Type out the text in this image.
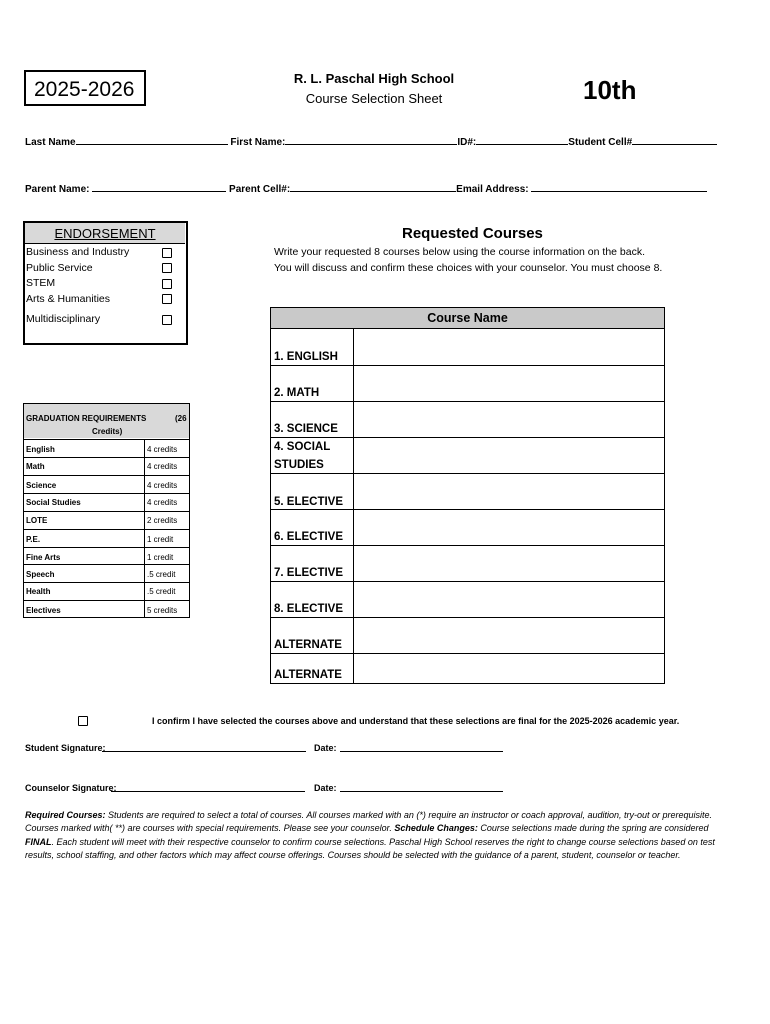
2025-2026	R. L. Paschal High School
Course Selection Sheet	10th
Last Name	First Name:	ID#:	Student Cell#
Parent Name:	Parent Cell#:	Email Address:
ENDORSEMENT
Business and Industry
Public Service
STEM
Arts & Humanities
Multidisciplinary
Requested Courses
Write your requested 8 courses below using the course information on the back.
You will discuss and confirm these choices with your counselor. You must choose 8.
Course Name
1. ENGLISH
2. MATH
3. SCIENCE
4. SOCIAL
STUDIES
5. ELECTIVE
6. ELECTIVE
7. ELECTIVE
8. ELECTIVE
ALTERNATE
ALTERNATE
GRADUATION REQUIREMENTS	(26
Credits)
English	4 credits
Math	4 credits
Science	4 credits
Social Studies	4 credits
LOTE	2 credits
P.E.	1 credit
Fine Arts	1 credit
Speech	.5 credit
Health	.5 credit
Electives	5 credits
I confirm I have selected the courses above and understand that these selections are final for the 2025-2026 academic year.
Student Signature:	Date:
Counselor Signature:	Date:
Required Courses: Students are required to select a total of courses. All courses marked with an (*) require an instructor or coach approval, audition, try-out or prerequisite. Courses marked with( **) are courses with special requirements. Please see your counselor. Schedule Changes: Course selections made during the spring are considered FINAL. Each student will meet with their respective counselor to confirm course selections. Paschal High School reserves the right to change course selections based on test results, school staffing, and other factors which may affect course offerings. Courses should be selected with the guidance of a parent, student, counselor or teacher.
